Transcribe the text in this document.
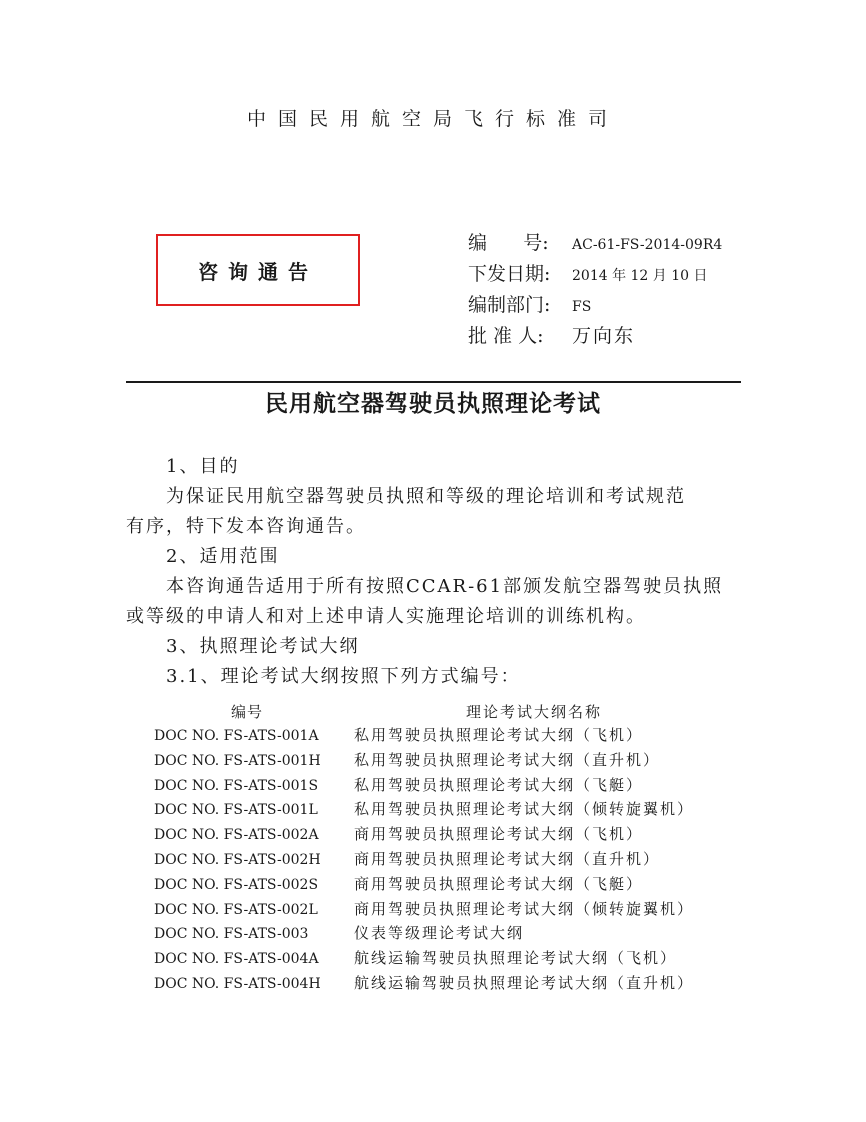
中国民用航空局飞行标准司
咨询通告
编      号: AC-61-FS-2014-09R4
下发日期: 2014 年 12 月 10 日
编制部门: FS
批 准 人: 万向东
民用航空器驾驶员执照理论考试
1、目的
为保证民用航空器驾驶员执照和等级的理论培训和考试规范
有序，特下发本咨询通告。
2、适用范围
本咨询通告适用于所有按照CCAR-61部颁发航空器驾驶员执照
或等级的申请人和对上述申请人实施理论培训的训练机构。
3、执照理论考试大纲
3.1、理论考试大纲按照下列方式编号：
编号	理论考试大纲名称
DOC NO. FS-ATS-001A 私用驾驶员执照理论考试大纲（飞机）
DOC NO. FS-ATS-001H 私用驾驶员执照理论考试大纲（直升机）
DOC NO. FS-ATS-001S 私用驾驶员执照理论考试大纲（飞艇）
DOC NO. FS-ATS-001L 私用驾驶员执照理论考试大纲（倾转旋翼机）
DOC NO. FS-ATS-002A 商用驾驶员执照理论考试大纲（飞机）
DOC NO. FS-ATS-002H 商用驾驶员执照理论考试大纲（直升机）
DOC NO. FS-ATS-002S 商用驾驶员执照理论考试大纲（飞艇）
DOC NO. FS-ATS-002L 商用驾驶员执照理论考试大纲（倾转旋翼机）
DOC NO. FS-ATS-003	仪表等级理论考试大纲
DOC NO. FS-ATS-004A 航线运输驾驶员执照理论考试大纲（飞机）
DOC NO. FS-ATS-004H 航线运输驾驶员执照理论考试大纲（直升机）
